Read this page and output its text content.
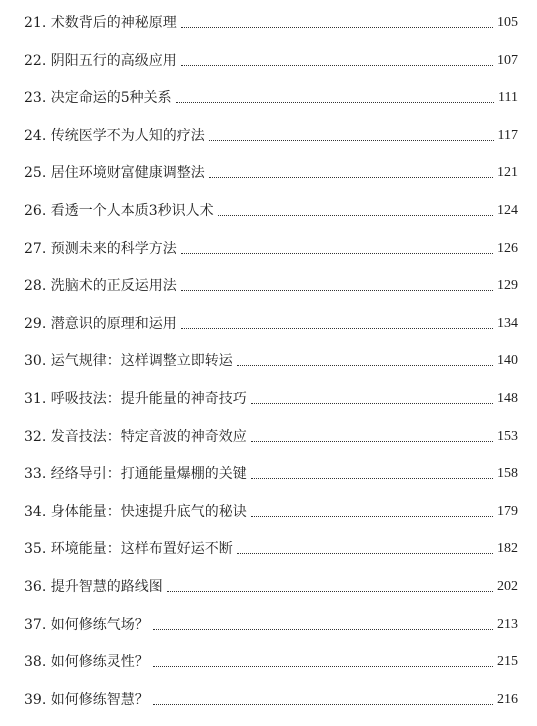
21. 术数背后的神秘原理	105
22. 阴阳五行的高级应用	107
23. 决定命运的5种关系	111
24. 传统医学不为人知的疗法	117
25. 居住环境财富健康调整法	121
26. 看透一个人本质3秒识人术	124
27. 预测未来的科学方法	126
28. 洗脑术的正反运用法	129
29. 潜意识的原理和运用	134
30. 运气规律：这样调整立即转运	140
31. 呼吸技法：提升能量的神奇技巧	148
32. 发音技法：特定音波的神奇效应	153
33. 经络导引：打通能量爆棚的关键	158
34. 身体能量：快速提升底气的秘诀	179
35. 环境能量：这样布置好运不断	182
36. 提升智慧的路线图	202
37. 如何修练气场？	213
38. 如何修练灵性？	215
39. 如何修练智慧？	216
